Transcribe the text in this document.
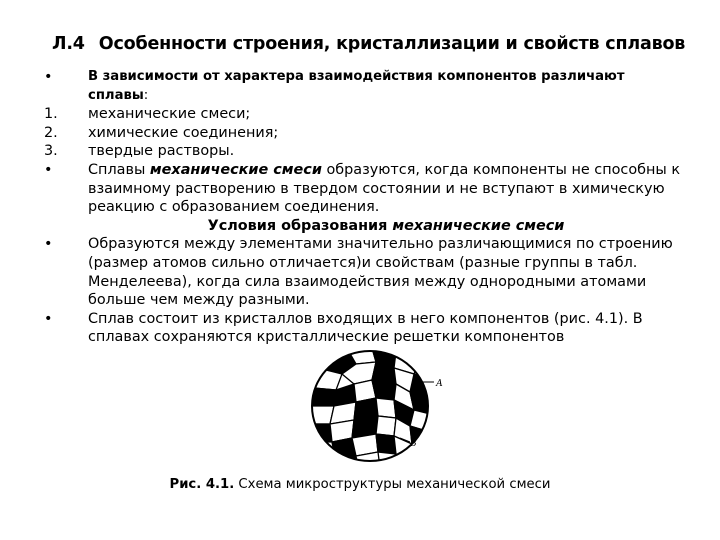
Л.4 Особенности строения, кристаллизации и свойств сплавов
•	В зависимости от характера взаимодействия компонентов различают сплавы:
1.	механические смеси;
2.	химические соединения;
3.	твердые растворы.
•	Сплавы механические смеси образуются, когда компоненты не способны к взаимному растворению в твердом состоянии и не вступают в химическую реакцию с образованием соединения.
Условия образования механические смеси
•	Образуются между элементами значительно различающимися по строению (размер атомов сильно отличается)и свойствам (разные группы в табл. Менделеева), когда сила взаимодействия между однородными атомами больше чем между разными.
•	Сплав состоит из кристаллов входящих в него компонентов (рис. 4.1). В сплавах сохраняются кристаллические решетки компонентов
А
В
Рис. 4.1. Схема микроструктуры механической смеси
